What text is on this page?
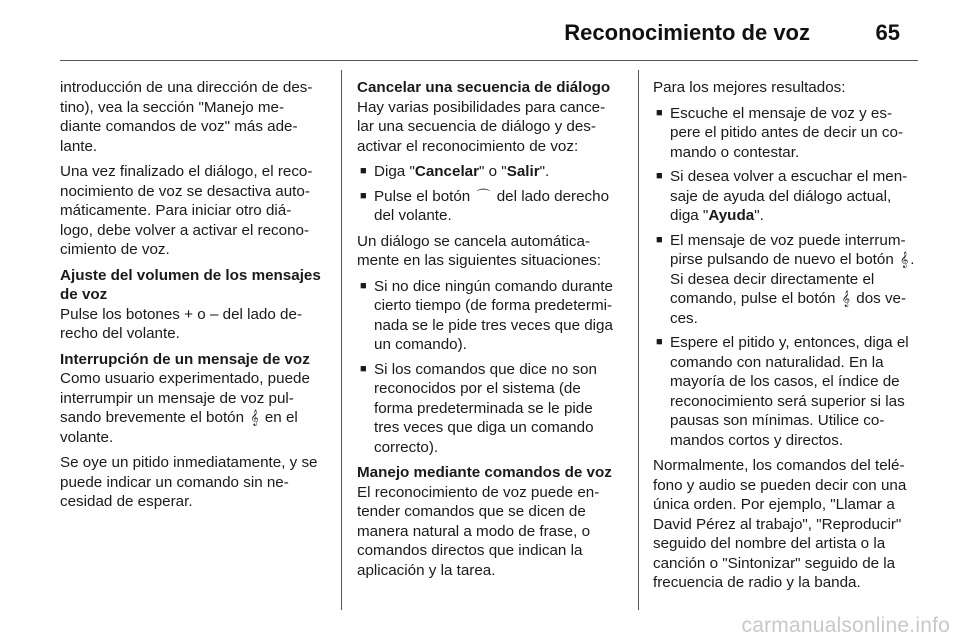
Reconocimiento de voz	65

introducción de una dirección de des-tino), vea la sección "Manejo me-diante comandos de voz" más ade-lante.

Una vez finalizado el diálogo, el reco-nocimiento de voz se desactiva auto-máticamente. Para iniciar otro diá-logo, debe volver a activar el recono-cimiento de voz.

Ajuste del volumen de los mensajes de voz

Pulse los botones + o – del lado de-recho del volante.

Interrupción de un mensaje de voz

Como usuario experimentado, puede interrumpir un mensaje de voz pul-sando brevemente el botón 𝄞 en el volante.

Se oye un pitido inmediatamente, y se puede indicar un comando sin ne-cesidad de esperar.

Cancelar una secuencia de diálogo

Hay varias posibilidades para cance-lar una secuencia de diálogo y des-activar el reconocimiento de voz:

■ Diga "Cancelar" o "Salir".
■ Pulse el botón ⌒ del lado derecho del volante.

Un diálogo se cancela automática-mente en las siguientes situaciones:

■ Si no dice ningún comando durante cierto tiempo (de forma predetermi-nada se le pide tres veces que diga un comando).
■ Si los comandos que dice no son reconocidos por el sistema (de forma predeterminada se le pide tres veces que diga un comando correcto).

Manejo mediante comandos de voz

El reconocimiento de voz puede en-tender comandos que se dicen de manera natural a modo de frase, o comandos directos que indican la aplicación y la tarea.

Para los mejores resultados:

■ Escuche el mensaje de voz y es-pere el pitido antes de decir un co-mando o contestar.
■ Si desea volver a escuchar el men-saje de ayuda del diálogo actual, diga "Ayuda".
■ El mensaje de voz puede interrum-pirse pulsando de nuevo el botón 𝄞 . Si desea decir directamente el comando, pulse el botón 𝄞 dos ve-ces.
■ Espere el pitido y, entonces, diga el comando con naturalidad. En la mayoría de los casos, el índice de reconocimiento será superior si las pausas son mínimas. Utilice co-mandos cortos y directos.

Normalmente, los comandos del telé-fono y audio se pueden decir con una única orden. Por ejemplo, "Llamar a David Pérez al trabajo", "Reproducir" seguido del nombre del artista o la canción o "Sintonizar" seguido de la frecuencia de radio y la banda.

carmanualsonline.info
